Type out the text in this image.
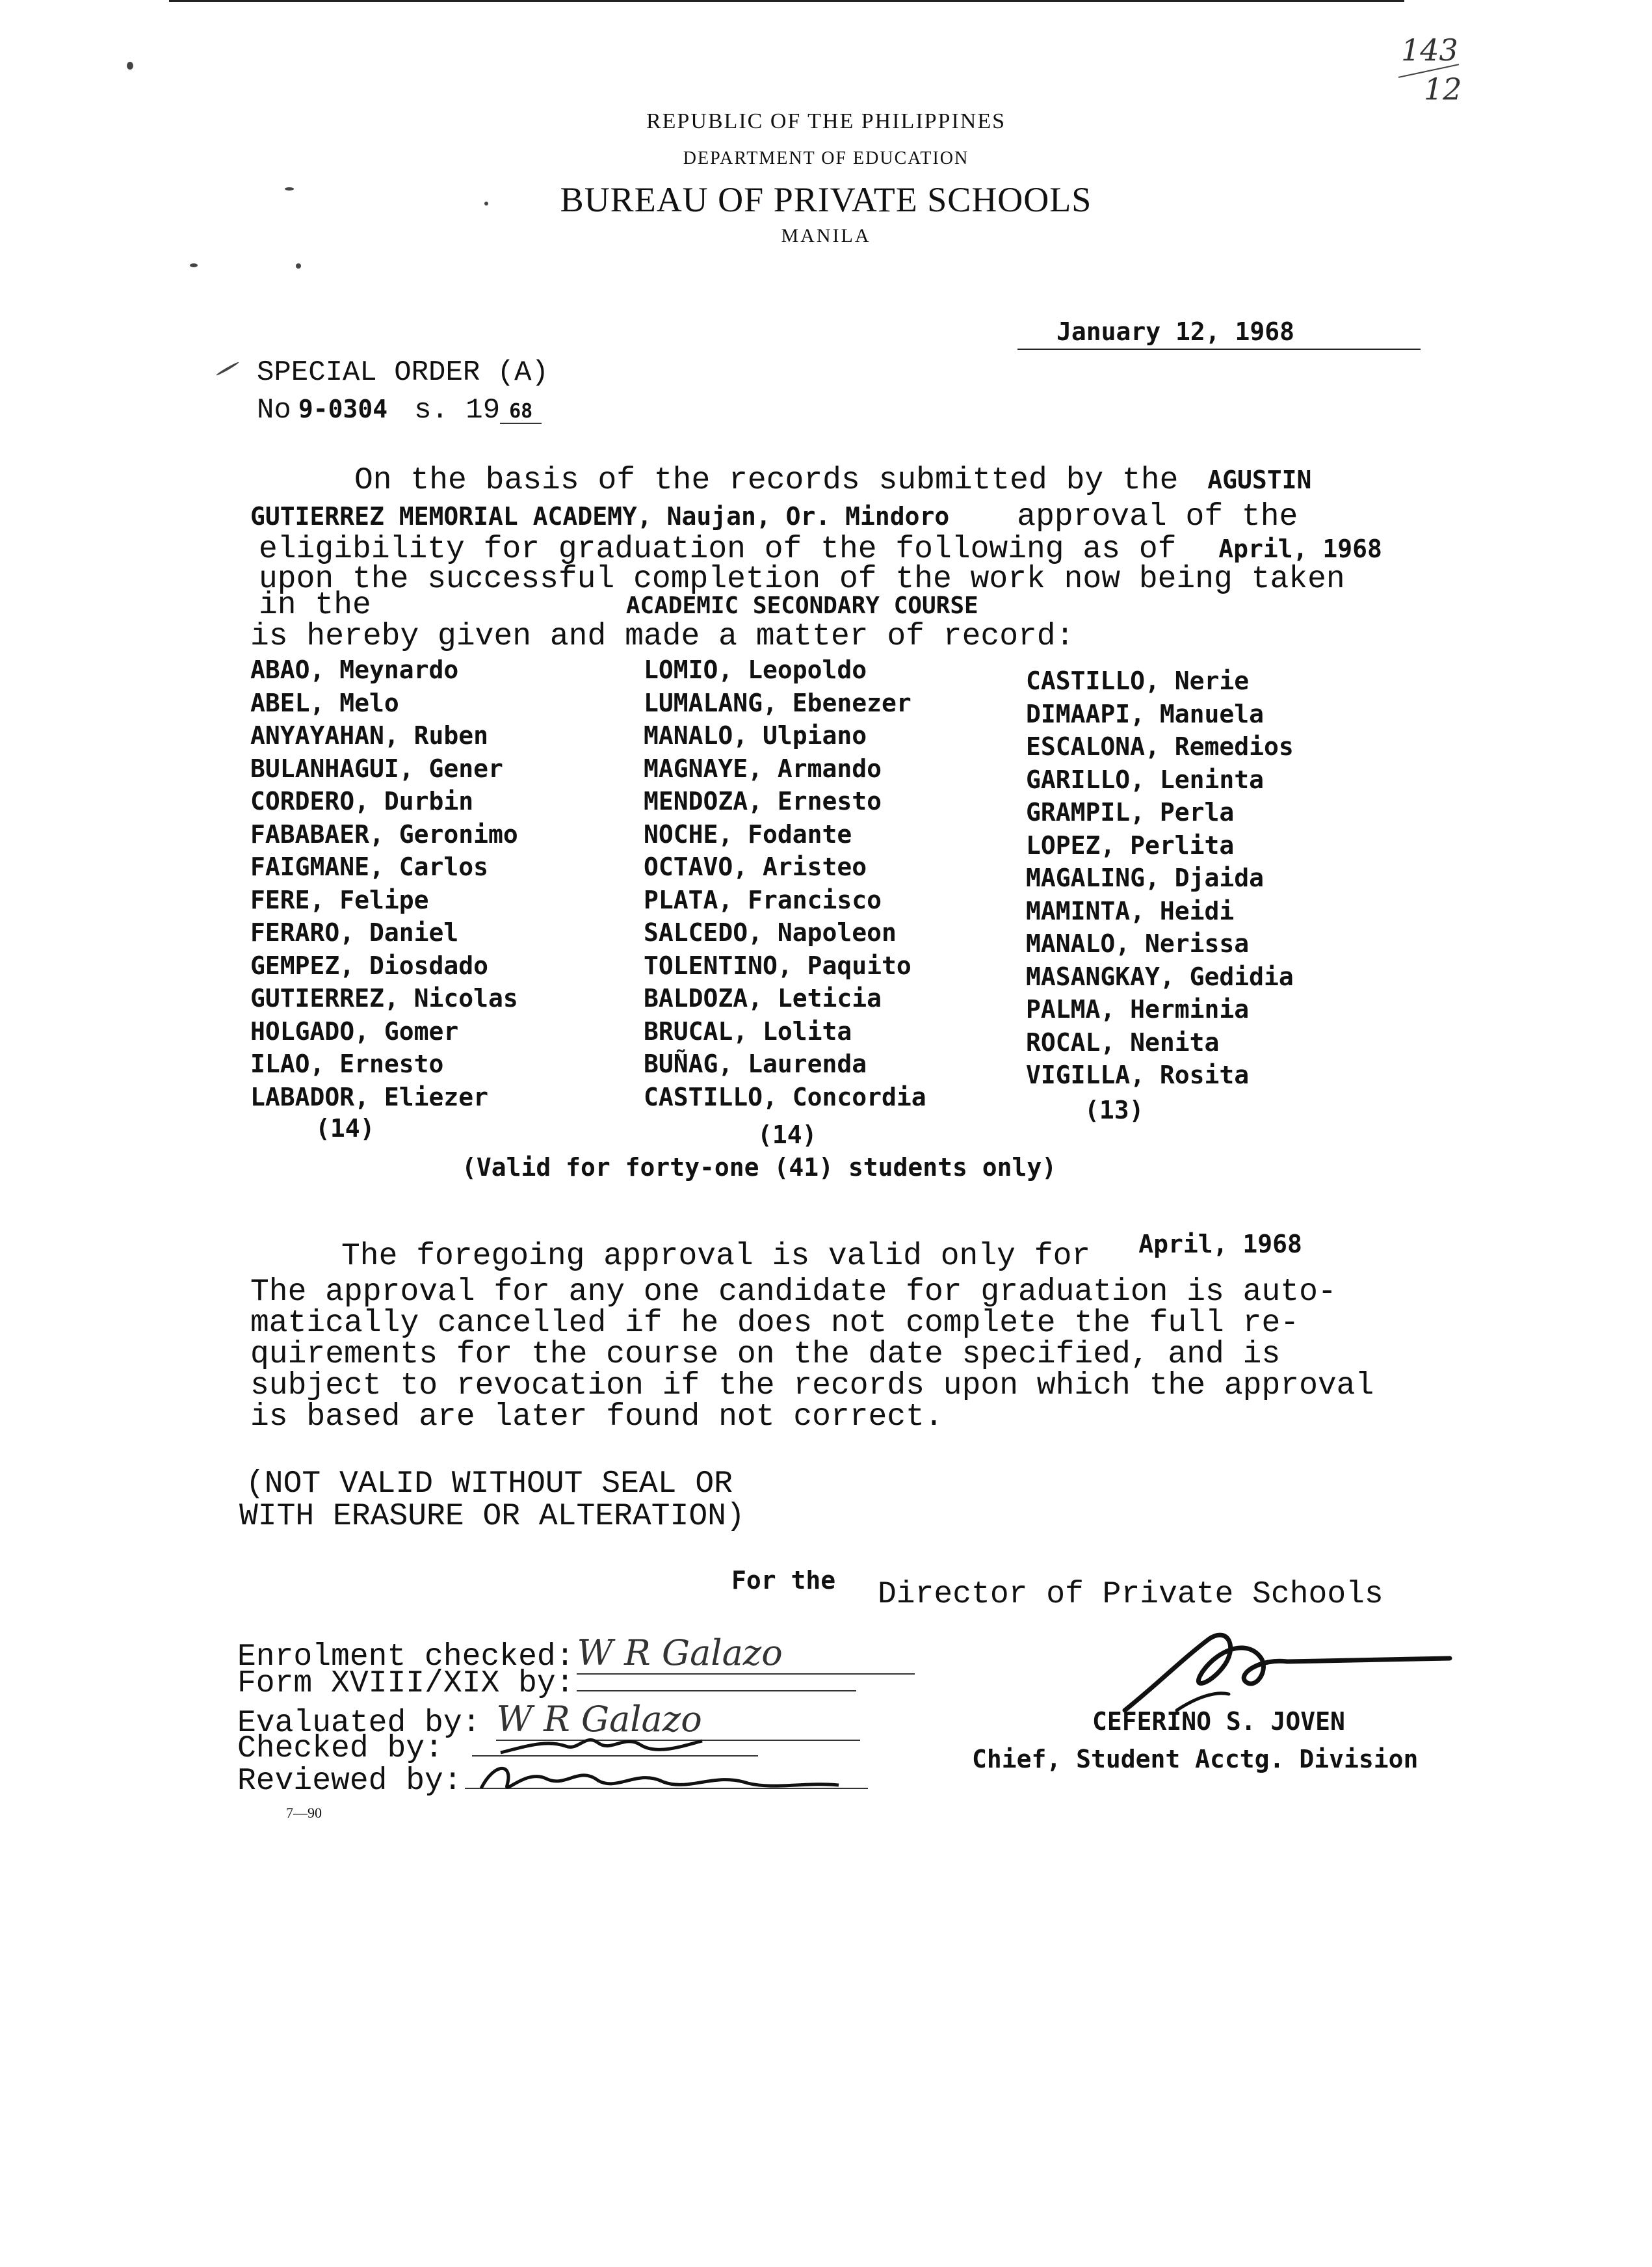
143
12
REPUBLIC OF THE PHILIPPINES
DEPARTMENT OF EDUCATION
BUREAU OF PRIVATE SCHOOLS
MANILA
January 12, 1968
SPECIAL ORDER (A)
No 9-0304 s. 19 68
On the basis of the records submitted by the AGUSTIN
GUTIERREZ MEMORIAL ACADEMY, Naujan, Or. Mindoro approval of the
eligibility for graduation of the following as of April, 1968
upon the successful completion of the work now being taken
in the	ACADEMIC SECONDARY COURSE
is hereby given and made a matter of record:
ABAO, Meynardo
ABEL, Melo
ANYAYAHAN, Ruben
BULANHAGUI, Gener
CORDERO, Durbin
FABABAER, Geronimo
FAIGMANE, Carlos
FERE, Felipe
FERARO, Daniel
GEMPEZ, Diosdado
GUTIERREZ, Nicolas
HOLGADO, Gomer
ILAO, Ernesto
LABADOR, Eliezer
LOMIO, Leopoldo
LUMALANG, Ebenezer
MANALO, Ulpiano
MAGNAYE, Armando
MENDOZA, Ernesto
NOCHE, Fodante
OCTAVO, Aristeo
PLATA, Francisco
SALCEDO, Napoleon
TOLENTINO, Paquito
BALDOZA, Leticia
BRUCAL, Lolita
BUÑAG, Laurenda
CASTILLO, Concordia
CASTILLO, Nerie
DIMAAPI, Manuela
ESCALONA, Remedios
GARILLO, Leninta
GRAMPIL, Perla
LOPEZ, Perlita
MAGALING, Djaida
MAMINTA, Heidi
MANALO, Nerissa
MASANGKAY, Gedidia
PALMA, Herminia
ROCAL, Nenita
VIGILLA, Rosita
(14)	(14)
(13)
(Valid for forty-one (41) students only)
The foregoing approval is valid only for April, 1968
The approval for any one candidate for graduation is auto-
matically cancelled if he does not complete the full re-
quirements for the course on the date specified, and is
subject to revocation if the records upon which the approval
is based are later found not correct.
(NOT VALID WITHOUT SEAL OR
WITH ERASURE OR ALTERATION)
For the Director of Private Schools
CEFERINO S. JOVEN
Chief, Student Acctg. Division
Enrolment checked: W R Galazo
Form XVIII/XIX by:
Evaluated by: W R Galazo
Checked by:
Reviewed by:
7—90
